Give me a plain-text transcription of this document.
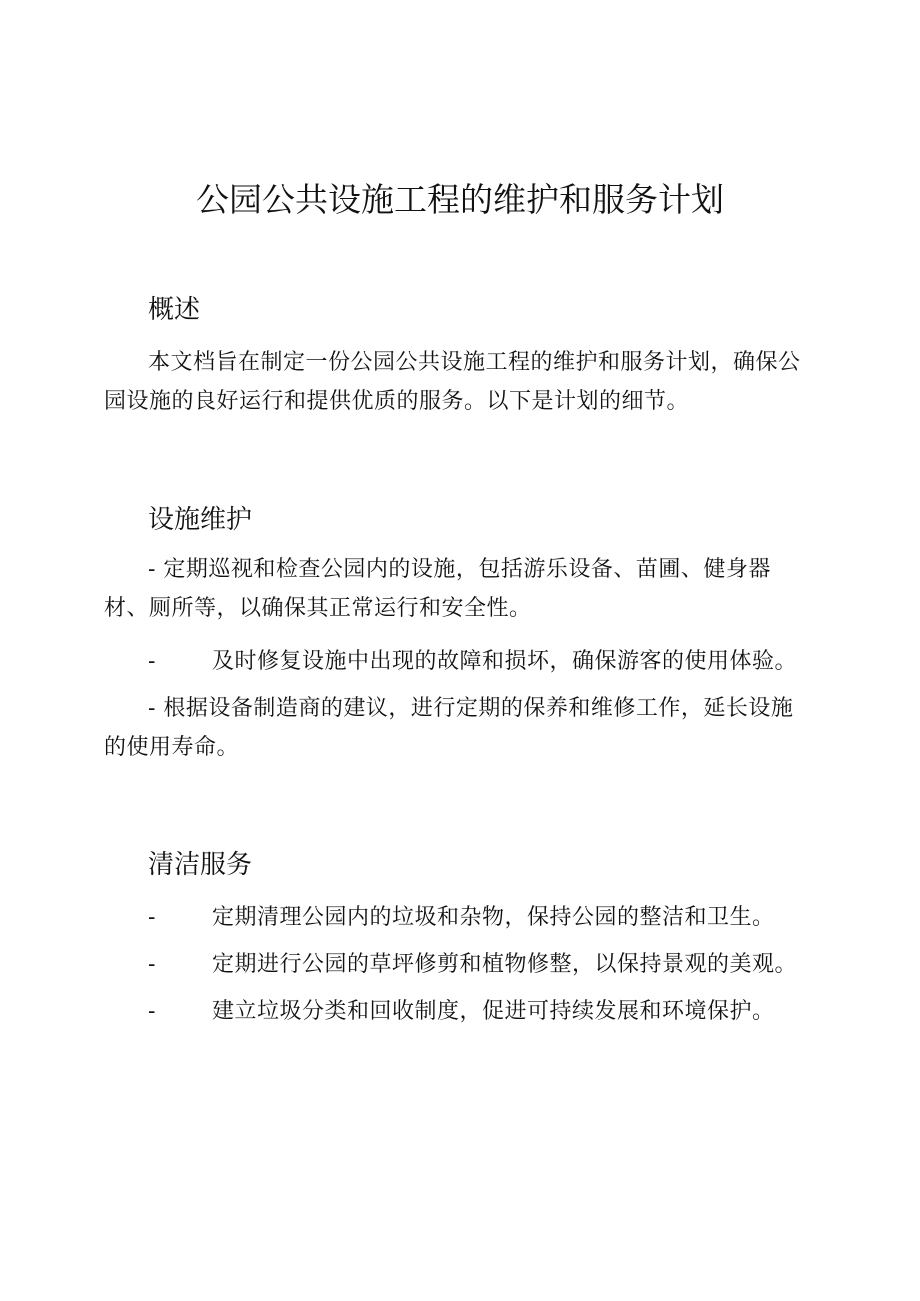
公园公共设施工程的维护和服务计划
概述

本文档旨在制定一份公园公共设施工程的维护和服务计划，确保公园设施的良好运行和提供优质的服务。以下是计划的细节。

设施维护

- 定期巡视和检查公园内的设施，包括游乐设备、苗圃、健身器材、厕所等，以确保其正常运行和安全性。

-	及时修复设施中出现的故障和损坏，确保游客的使用体验。

- 根据设备制造商的建议，进行定期的保养和维修工作，延长设施的使用寿命。

清洁服务

-	定期清理公园内的垃圾和杂物，保持公园的整洁和卫生。

-	定期进行公园的草坪修剪和植物修整，以保持景观的美观。

-	建立垃圾分类和回收制度，促进可持续发展和环境保护。
